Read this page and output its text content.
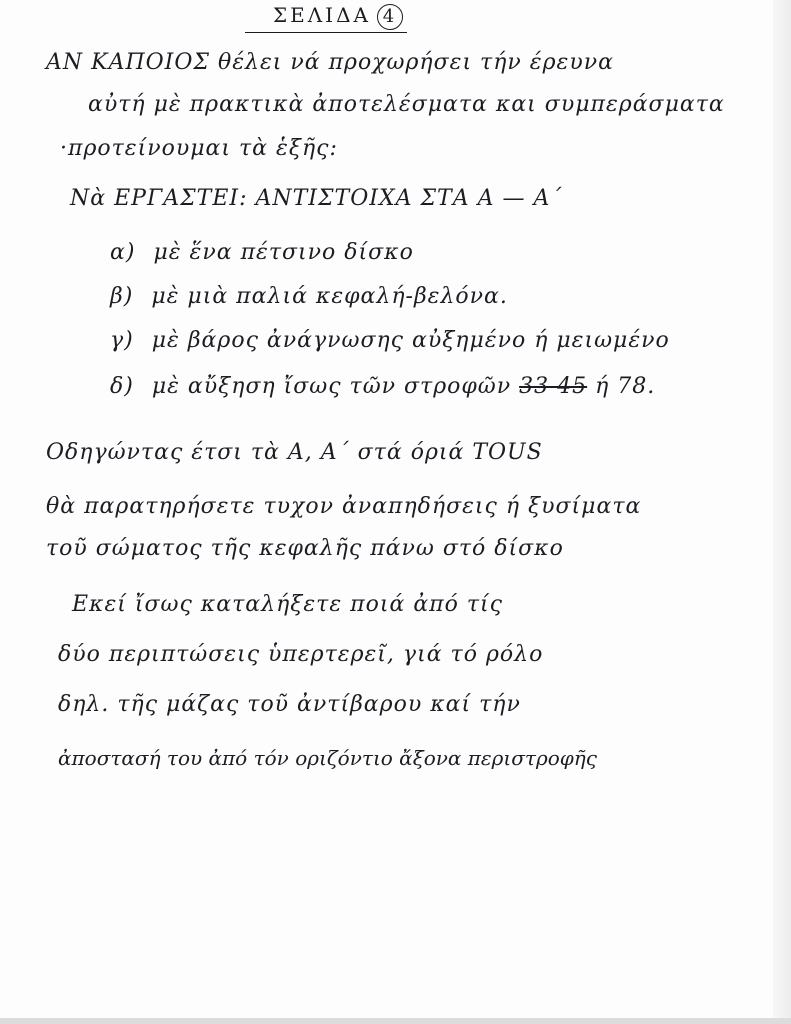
ΣΕΛΙΔΑ 4
ΑΝ ΚΑΠΟΙΟΣ θέλει νά προχωρήσει τήν έρευνα
αὐτή μὲ πρακτικὰ ἀποτελέσματα και συμπεράσματα
·προτείνουμαι τὰ ἑξῆς:
Νὰ ΕΡΓΑΣΤΕΙ: ΑΝΤΙΣΤΟΙΧΑ ΣΤΑ Α — Α΄
α) μὲ ἕνα πέτσινο δίσκο
β) μὲ μιὰ παλιά κεφαλή-βελόνα.
γ) μὲ βάρος ἀνάγνωσης αὐξημένο ή μειωμένο
δ) μὲ αὔξηση ἴσως τῶν στροφῶν 33 45 ή 78.
Οδηγώντας έτσι τὰ Α, Α΄ στά όριά ΤΟUS
θὰ παρατηρήσετε τυχον ἀναπηδήσεις ή ξυσίματα
τοῦ σώματος τῆς κεφαλῆς πάνω στό δίσκο
Εκεί ἴσως καταλήξετε ποιά ἀπό τίς
δύο περιπτώσεις ὑπερτερεῖ, γιά τό ρόλο
δηλ. τῆς μάζας τοῦ ἀντίβαρου καί τήν
ἀποστασή του ἀπό τόν οριζόντιο ἄξονα περιστροφῆς
